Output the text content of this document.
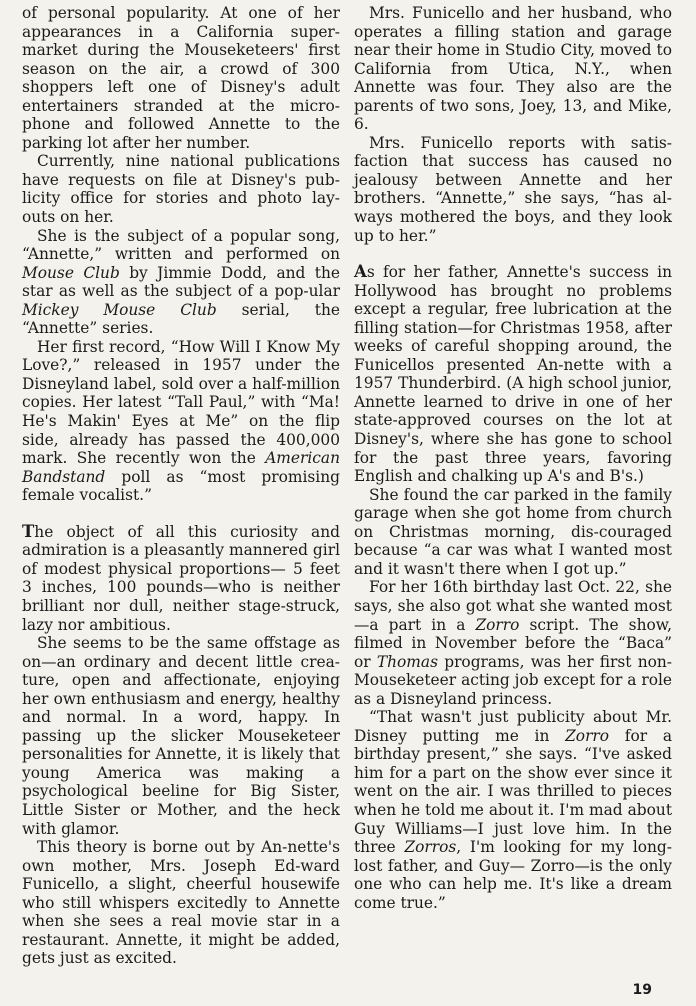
of personal popularity. At one of her appearances in a California super-market during the Mouseketeers' first season on the air, a crowd of 300 shoppers left one of Disney's adult entertainers stranded at the micro-phone and followed Annette to the parking lot after her number.

Currently, nine national publications have requests on file at Disney's pub-licity office for stories and photo lay-outs on her.

She is the subject of a popular song, “Annette,” written and performed on Mouse Club by Jimmie Dodd, and the star as well as the subject of a pop-ular Mickey Mouse Club serial, the “Annette” series.

Her first record, “How Will I Know My Love?,” released in 1957 under the Disneyland label, sold over a half-million copies. Her latest “Tall Paul,” with “Ma! He's Makin' Eyes at Me” on the flip side, already has passed the 400,000 mark. She recently won the American Bandstand poll as “most promising female vocalist.”

The object of all this curiosity and admiration is a pleasantly mannered girl of modest physical proportions— 5 feet 3 inches, 100 pounds—who is neither brilliant nor dull, neither stage-struck, lazy nor ambitious.

She seems to be the same offstage as on—an ordinary and decent little crea-ture, open and affectionate, enjoying her own enthusiasm and energy, healthy and normal. In a word, happy. In passing up the slicker Mouseketeer personalities for Annette, it is likely that young America was making a psychological beeline for Big Sister, Little Sister or Mother, and the heck with glamor.

This theory is borne out by An-nette's own mother, Mrs. Joseph Ed-ward Funicello, a slight, cheerful housewife who still whispers excitedly to Annette when she sees a real movie star in a restaurant. Annette, it might be added, gets just as excited.

Mrs. Funicello and her husband, who operates a filling station and garage near their home in Studio City, moved to California from Utica, N.Y., when Annette was four. They also are the parents of two sons, Joey, 13, and Mike, 6.

Mrs. Funicello reports with satis-faction that success has caused no jealousy between Annette and her brothers. “Annette,” she says, “has al-ways mothered the boys, and they look up to her.”

As for her father, Annette's success in Hollywood has brought no problems except a regular, free lubrication at the filling station—for Christmas 1958, after weeks of careful shopping around, the Funicellos presented An-nette with a 1957 Thunderbird. (A high school junior, Annette learned to drive in one of her state-approved courses on the lot at Disney's, where she has gone to school for the past three years, favoring English and chalking up A's and B's.)

She found the car parked in the family garage when she got home from church on Christmas morning, dis-couraged because “a car was what I wanted most and it wasn't there when I got up.”

For her 16th birthday last Oct. 22, she says, she also got what she wanted most—a part in a Zorro script. The show, filmed in November before the “Baca” or Thomas programs, was her first non-Mouseketeer acting job except for a role as a Disneyland princess.

“That wasn't just publicity about Mr. Disney putting me in Zorro for a birthday present,” she says. “I've asked him for a part on the show ever since it went on the air. I was thrilled to pieces when he told me about it. I'm mad about Guy Williams—I just love him. In the three Zorros, I'm looking for my long-lost father, and Guy— Zorro—is the only one who can help me. It's like a dream come true.”

19
